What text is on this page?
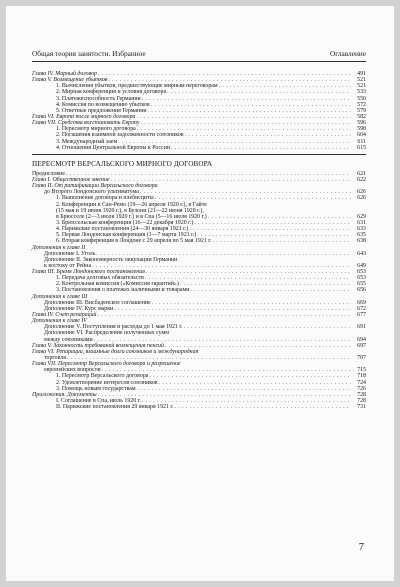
Общая теория занятости. Избранное	Оглавление
Глава IV. Мирный договор . . .	491
Глава V. Возмещение убытков . . .	521
1. Вычисления убытков, предшествующие мирным переговорам . . .	521
2. Мирная конференция и условия договора . . .	533
3. Платежеспособность Германии . . .	550
4. Комиссия по возмещению убытков . . .	572
5. Ответные предложения Германии . . .	579
Глава VI. Европа после мирного договора . . .	582
Глава VII. Средства восстановить Европу . . .	596
1. Пересмотр мирного договора . . .	598
2. Погашения взаимной задолженности союзников . . .	604
3. Международный заем . . .	611
4. Отношения Центральной Европы к России . . .	615
ПЕРЕСМОТР ВЕРСАЛЬСКОГО МИРНОГО ДОГОВОРА
Предисловие . . .	621
Глава I. Общественное мнение . . .	622
Глава II. От ратификации Версальского договора
до Второго Лондонского ультиматума . . .	626
1. Выполнение договора и плебисциты . . .	626
2. Конференции в Сан-Ремо (19—26 апреля 1920 г.), в Гайте
(15 мая и 19 июня 1920 г.), в Булони (21—22 июня 1920 г.),
в Брюсселе (2—3 июля 1920 г.) и в Спа (5—16 июля 1920 г.) . . .	629
3. Брюссельская конференция (16—22 декабря 1920 г.) . . .	631
4. Парижские постановления (24—30 января 1921 г.) . . .	633
5. Первая Лондонская конференция (1—7 марта 1921 г.) . . .	635
6. Вторая конференция в Лондоне с 29 апреля по 5 мая 1921 г. . . .	638
Дополнения к главе II
Дополнение I. Уголь . . .	643
Дополнение II. Закономерность оккупации Германии
к востоку от Рейна . . .	649
Глава III. Бремя Лондонского постановления . . .	653
1. Передача долговых обязательств . . .	653
2. Контрольная комиссия («Комиссия гарантий») . . .	655
3. Постановления о платежах наличными и товарами . . .	656
Дополнения к главе III
Дополнение III. Висбаденское соглашение . . .	669
Дополнение IV. Курс марки . . .	672
Глава IV. Счет репараций . . .	677
Дополнения к главе IV
Дополнение V. Поступления и расходы до 1 мая 1921 г. . . .	691
Дополнение VI. Распределение полученных сумм
между союзниками . . .	694
Глава V. Законность требований возмещения пенсий . . .	697
Глава VI. Репарации, взаимные долги союзников и международная
торговля . . .	707
Глава VII. Пересмотр Версальского договора и разрешение
европейских вопросов . . .	715
1. Пересмотр Версальского договора . . .	718
2. Удовлетворение интересов союзников . . .	724
3. Помощь новым государствам . . .	726
Приложения. Документы . . .	728
I. Соглашение в Спа, июль 1920 г. . . .	728
II. Парижские постановления 29 января 1921 г. . . .	731
7
